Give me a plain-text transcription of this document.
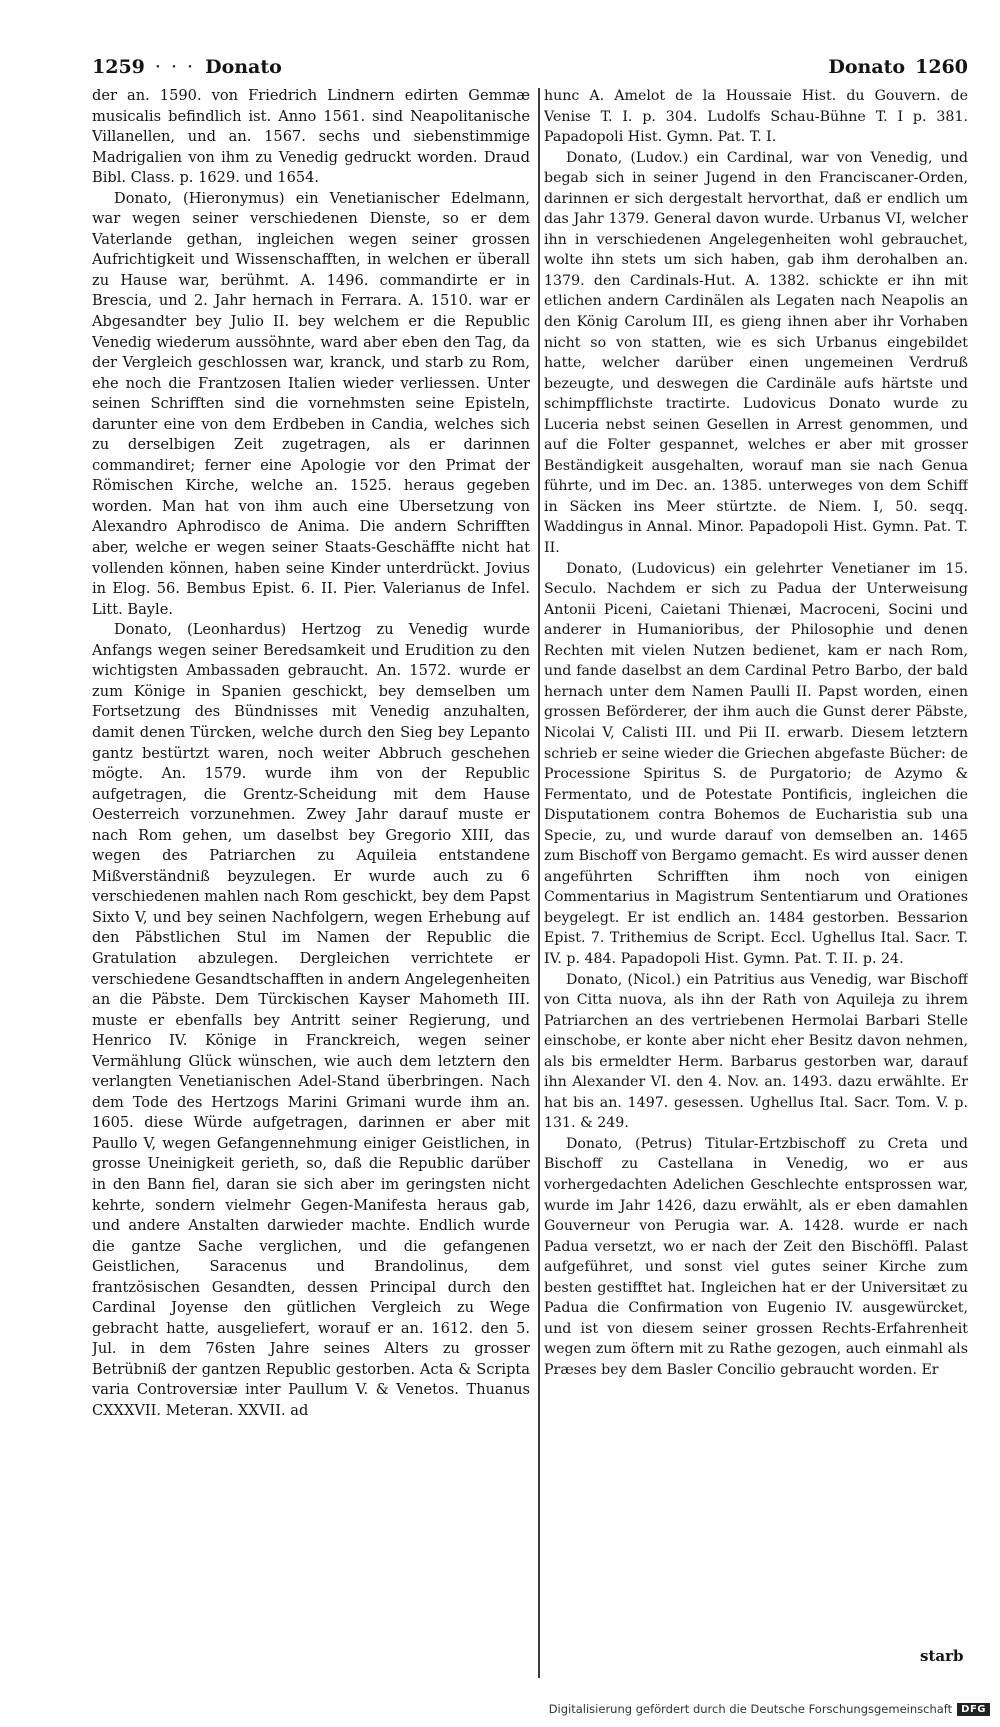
1259 · · · Donato	Donato 1260

der an. 1590. von Friedrich Lindnern edirten Gemmæ musicalis befindlich ist. Anno 1561. sind Neapolitanische Villanellen, und an. 1567. sechs und siebenstimmige Madrigalien von ihm zu Venedig gedruckt worden. Draud Bibl. Class. p. 1629. und 1654.

Donato, (Hieronymus) ein Venetianischer Edelmann, war wegen seiner verschiedenen Dienste, so er dem Vaterlande gethan, ingleichen wegen seiner grossen Aufrichtigkeit und Wissenschafften, in welchen er überall zu Hause war, berühmt. A. 1496. commandirte er in Brescia, und 2. Jahr hernach in Ferrara. A. 1510. war er Abgesandter bey Julio II. bey welchem er die Republic Venedig wiederum aussöhnte, ward aber eben den Tag, da der Vergleich geschlossen war, kranck, und starb zu Rom, ehe noch die Frantzosen Italien wieder verliessen. Unter seinen Schrifften sind die vornehmsten seine Episteln, darunter eine von dem Erdbeben in Candia, welches sich zu derselbigen Zeit zugetragen, als er darinnen commandiret; ferner eine Apologie vor den Primat der Römischen Kirche, welche an. 1525. heraus gegeben worden. Man hat von ihm auch eine Ubersetzung von Alexandro Aphrodisco de Anima. Die andern Schrifften aber, welche er wegen seiner Staats-Geschäffte nicht hat vollenden können, haben seine Kinder unterdrückt. Jovius in Elog. 56. Bembus Epist. 6. II. Pier. Valerianus de Infel. Litt. Bayle.

Donato, (Leonhardus) Hertzog zu Venedig wurde Anfangs wegen seiner Beredsamkeit und Erudition zu den wichtigsten Ambassaden gebraucht. An. 1572. wurde er zum Könige in Spanien geschickt, bey demselben um Fortsetzung des Bündnisses mit Venedig anzuhalten, damit denen Türcken, welche durch den Sieg bey Lepanto gantz bestürtzt waren, noch weiter Abbruch geschehen mögte. An. 1579. wurde ihm von der Republic aufgetragen, die Grentz-Scheidung mit dem Hause Oesterreich vorzunehmen. Zwey Jahr darauf muste er nach Rom gehen, um daselbst bey Gregorio XIII, das wegen des Patriarchen zu Aquileia entstandene Mißverständniß beyzulegen. Er wurde auch zu 6 verschiedenen mahlen nach Rom geschickt, bey dem Papst Sixto V, und bey seinen Nachfolgern, wegen Erhebung auf den Päbstlichen Stul im Namen der Republic die Gratulation abzulegen. Dergleichen verrichtete er verschiedene Gesandtschafften in andern Angelegenheiten an die Päbste. Dem Türckischen Kayser Mahometh III. muste er ebenfalls bey Antritt seiner Regierung, und Henrico IV. Könige in Franckreich, wegen seiner Vermählung Glück wünschen, wie auch dem letztern den verlangten Venetianischen Adel-Stand überbringen. Nach dem Tode des Hertzogs Marini Grimani wurde ihm an. 1605. diese Würde aufgetragen, darinnen er aber mit Paullo V, wegen Gefangennehmung einiger Geistlichen, in grosse Uneinigkeit gerieth, so, daß die Republic darüber in den Bann fiel, daran sie sich aber im geringsten nicht kehrte, sondern vielmehr Gegen-Manifesta heraus gab, und andere Anstalten darwieder machte. Endlich wurde die gantze Sache verglichen, und die gefangenen Geistlichen, Saracenus und Brandolinus, dem frantzösischen Gesandten, dessen Principal durch den Cardinal Joyense den gütlichen Vergleich zu Wege gebracht hatte, ausgeliefert, worauf er an. 1612. den 5. Jul. in dem 76sten Jahre seines Alters zu grosser Betrübniß der gantzen Republic gestorben. Acta & Scripta varia Controversiæ inter Paullum V. & Venetos. Thuanus CXXXVII. Meteran. XXVII. ad

hunc A. Amelot de la Houssaie Hist. du Gouvern. de Venise T. I. p. 304. Ludolfs Schau-Bühne T. I p. 381. Papadopoli Hist. Gymn. Pat. T. I.

Donato, (Ludov.) ein Cardinal, war von Venedig, und begab sich in seiner Jugend in den Franciscaner-Orden, darinnen er sich dergestalt hervorthat, daß er endlich um das Jahr 1379. General davon wurde. Urbanus VI, welcher ihn in verschiedenen Angelegenheiten wohl gebrauchet, wolte ihn stets um sich haben, gab ihm derohalben an. 1379. den Cardinals-Hut. A. 1382. schickte er ihn mit etlichen andern Cardinälen als Legaten nach Neapolis an den König Carolum III, es gieng ihnen aber ihr Vorhaben nicht so von statten, wie es sich Urbanus eingebildet hatte, welcher darüber einen ungemeinen Verdruß bezeugte, und deswegen die Cardinäle aufs härtste und schimpfflichste tractirte. Ludovicus Donato wurde zu Luceria nebst seinen Gesellen in Arrest genommen, und auf die Folter gespannet, welches er aber mit grosser Beständigkeit ausgehalten, worauf man sie nach Genua führte, und im Dec. an. 1385. unterweges von dem Schiff in Säcken ins Meer stürtzte. de Niem. I, 50. seqq. Waddingus in Annal. Minor. Papadopoli Hist. Gymn. Pat. T. II.

Donato, (Ludovicus) ein gelehrter Venetianer im 15. Seculo. Nachdem er sich zu Padua der Unterweisung Antonii Piceni, Caietani Thienæi, Macroceni, Socini und anderer in Humanioribus, der Philosophie und denen Rechten mit vielen Nutzen bedienet, kam er nach Rom, und fande daselbst an dem Cardinal Petro Barbo, der bald hernach unter dem Namen Paulli II. Papst worden, einen grossen Beförderer, der ihm auch die Gunst derer Päbste, Nicolai V, Calisti III. und Pii II. erwarb. Diesem letztern schrieb er seine wieder die Griechen abgefaste Bücher: de Processione Spiritus S. de Purgatorio; de Azymo & Fermentato, und de Potestate Pontificis, ingleichen die Disputationem contra Bohemos de Eucharistia sub una Specie, zu, und wurde darauf von demselben an. 1465 zum Bischoff von Bergamo gemacht. Es wird ausser denen angeführten Schrifften ihm noch von einigen Commentarius in Magistrum Sententiarum und Orationes beygelegt. Er ist endlich an. 1484 gestorben. Bessarion Epist. 7. Trithemius de Script. Eccl. Ughellus Ital. Sacr. T. IV. p. 484. Papadopoli Hist. Gymn. Pat. T. II. p. 24.

Donato, (Nicol.) ein Patritius aus Venedig, war Bischoff von Citta nuova, als ihn der Rath von Aquileja zu ihrem Patriarchen an des vertriebenen Hermolai Barbari Stelle einschobe, er konte aber nicht eher Besitz davon nehmen, als bis ermeldter Herm. Barbarus gestorben war, darauf ihn Alexander VI. den 4. Nov. an. 1493. dazu erwählte. Er hat bis an. 1497. gesessen. Ughellus Ital. Sacr. Tom. V. p. 131. & 249.

Donato, (Petrus) Titular-Ertzbischoff zu Creta und Bischoff zu Castellana in Venedig, wo er aus vorhergedachten Adelichen Geschlechte entsprossen war, wurde im Jahr 1426, dazu erwählt, als er eben damahlen Gouverneur von Perugia war. A. 1428. wurde er nach Padua versetzt, wo er nach der Zeit den Bischöffl. Palast aufgeführet, und sonst viel gutes seiner Kirche zum besten gestifftet hat. Ingleichen hat er der Universitæt zu Padua die Confirmation von Eugenio IV. ausgewürcket, und ist von diesem seiner grossen Rechts-Erfahrenheit wegen zum öftern mit zu Rathe gezogen, auch einmahl als Præses bey dem Basler Concilio gebraucht worden. Er

starb
Digitalisierung gefördert durch die Deutsche Forschungsgemeinschaft DFG
